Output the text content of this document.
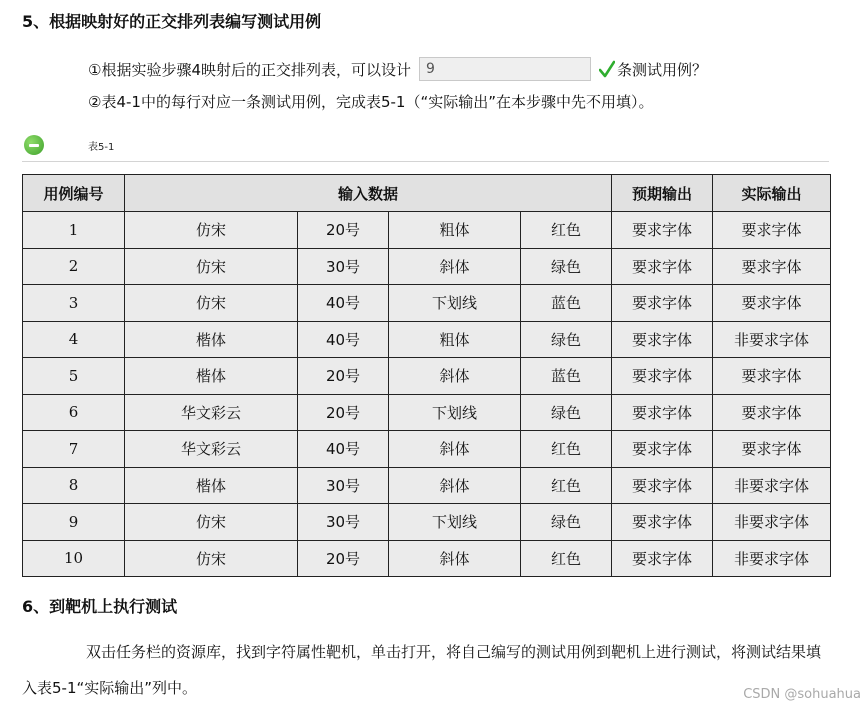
5、根据映射好的正交排列表编写测试用例
①根据实验步骤4映射后的正交排列表，可以设计
9	条测试用例？
②表4-1中的每行对应一条测试用例，完成表5-1（“实际输出”在本步骤中先不用填）。
表5-1
用例编号	输入数据				预期输出	实际输出
1	仿宋	20号	粗体	红色	要求字体	要求字体
2	仿宋	30号	斜体	绿色	要求字体	要求字体
3	仿宋	40号	下划线	蓝色	要求字体	要求字体
4	楷体	40号	粗体	绿色	要求字体	非要求字体
5	楷体	20号	斜体	蓝色	要求字体	要求字体
6	华文彩云	20号	下划线	绿色	要求字体	要求字体
7	华文彩云	40号	斜体	红色	要求字体	要求字体
8	楷体	30号	斜体	红色	要求字体	非要求字体
9	仿宋	30号	下划线	绿色	要求字体	非要求字体
10	仿宋	20号	斜体	红色	要求字体	非要求字体
6、到靶机上执行测试

双击任务栏的资源库，找到字符属性靶机，单击打开，将自己编写的测试用例到靶机上进行测试，将测试结果填入表5-1“实际输出”列中。	CSDN @sohuahua
